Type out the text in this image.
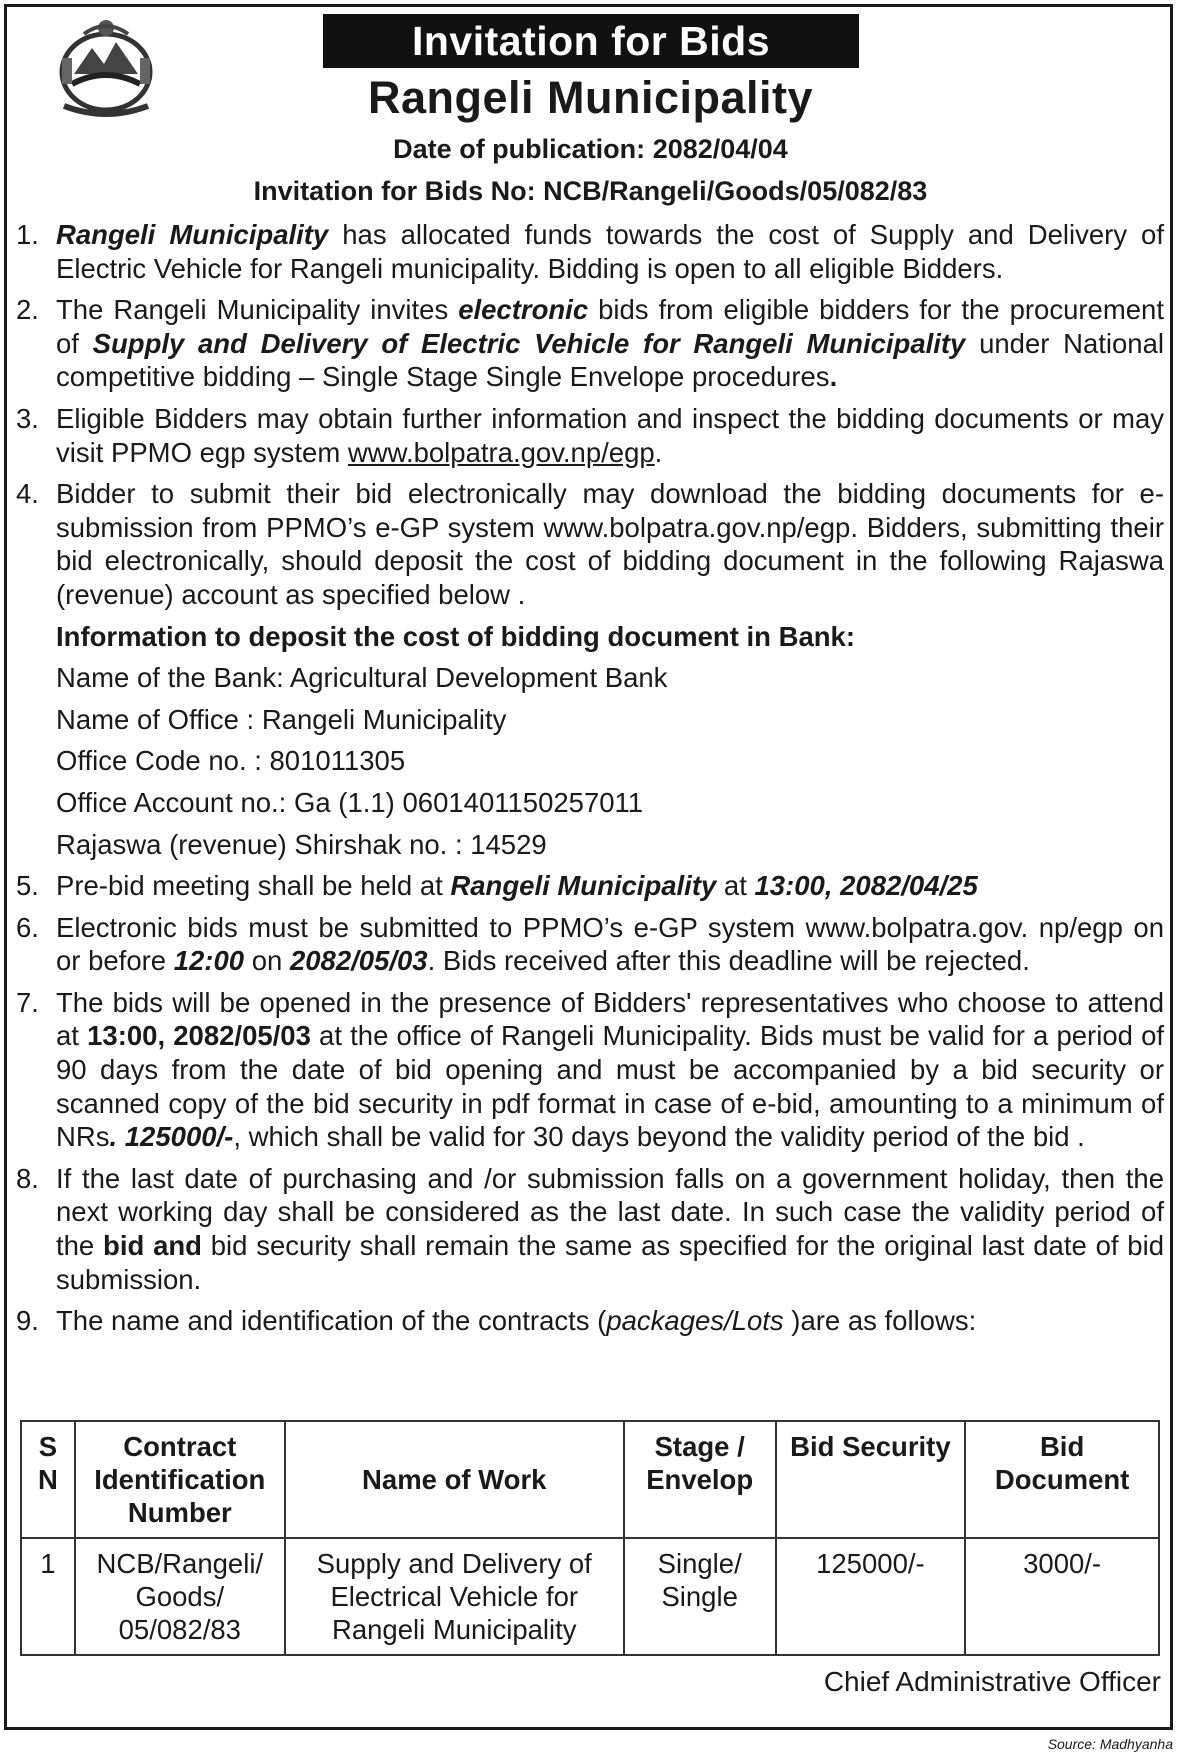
Invitation for Bids
Rangeli Municipality
Date of publication: 2082/04/04
Invitation for Bids No: NCB/Rangeli/Goods/05/082/83
1. Rangeli Municipality has allocated funds towards the cost of Supply and Delivery of Electric Vehicle for Rangeli municipality. Bidding is open to all eligible Bidders.
2. The Rangeli Municipality invites electronic bids from eligible bidders for the procurement of Supply and Delivery of Electric Vehicle for Rangeli Municipality under National competitive bidding – Single Stage Single Envelope procedures.
3. Eligible Bidders may obtain further information and inspect the bidding documents or may visit PPMO egp system www.bolpatra.gov.np/egp.
4. Bidder to submit their bid electronically may download the bidding documents for e-submission from PPMO’s e-GP system www.bolpatra.gov.np/egp. Bidders, submitting their bid electronically, should deposit the cost of bidding document in the following Rajaswa (revenue) account as specified below .
Information to deposit the cost of bidding document in Bank:
Name of the Bank: Agricultural Development Bank
Name of Office : Rangeli Municipality
Office Code no. : 801011305
Office Account no.: Ga (1.1) 0601401150257011
Rajaswa (revenue) Shirshak no. : 14529
5. Pre-bid meeting shall be held at Rangeli Municipality at 13:00, 2082/04/25
6. Electronic bids must be submitted to PPMO’s e-GP system www.bolpatra.gov. np/egp on or before 12:00 on 2082/05/03. Bids received after this deadline will be rejected.
7. The bids will be opened in the presence of Bidders' representatives who choose to attend at 13:00, 2082/05/03 at the office of Rangeli Municipality. Bids must be valid for a period of 90 days from the date of bid opening and must be accompanied by a bid security or scanned copy of the bid security in pdf format in case of e-bid, amounting to a minimum of NRs. 125000/-, which shall be valid for 30 days beyond the validity period of the bid .
8. If the last date of purchasing and /or submission falls on a government holiday, then the next working day shall be considered as the last date. In such case the validity period of the bid and bid security shall remain the same as specified for the original last date of bid submission.
9. The name and identification of the contracts (packages/Lots )are as follows:
S
N	Contract Identification Number	Name of Work	Stage / Envelop	Bid Security	Bid Document
1	NCB/Rangeli/
Goods/
05/082/83	Supply and Delivery of
Electrical Vehicle for
Rangeli Municipality	Single/
Single	125000/-	3000/-
Chief Administrative Officer
Source: Madhyanha
